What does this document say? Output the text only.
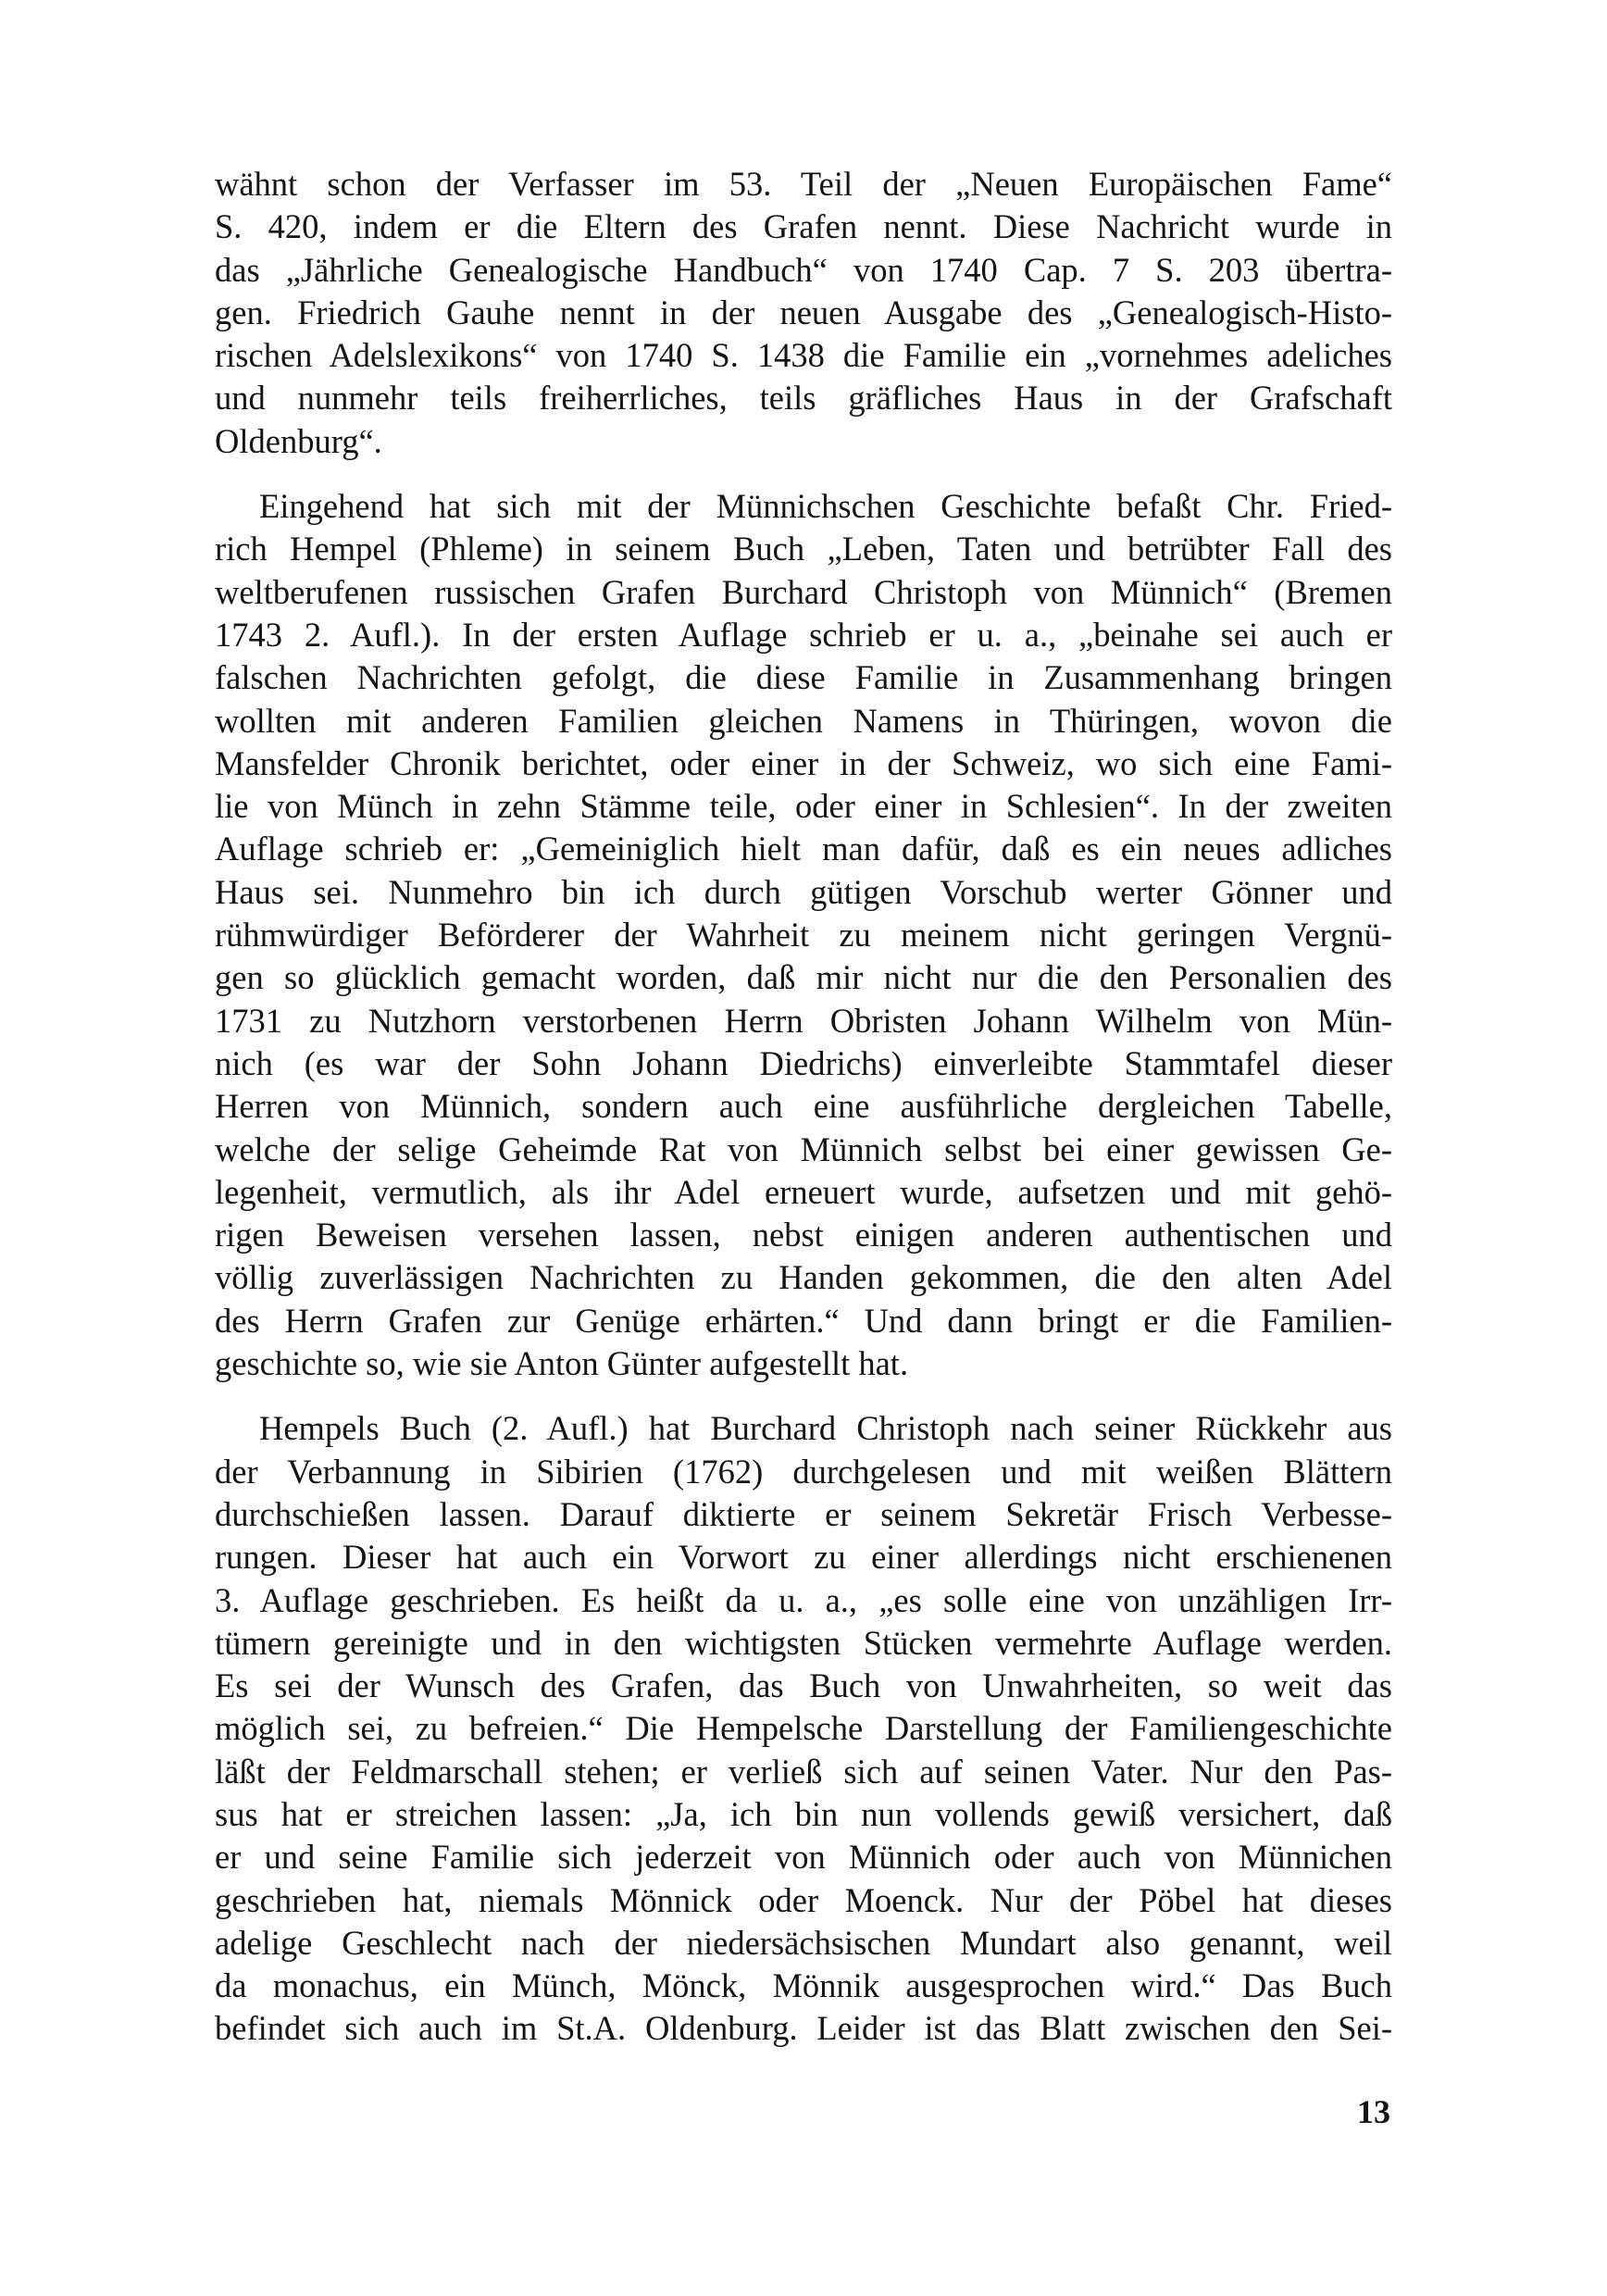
wähnt schon der Verfasser im 53. Teil der „Neuen Europäischen Fame“
S. 420, indem er die Eltern des Grafen nennt. Diese Nachricht wurde in
das „Jährliche Genealogische Handbuch“ von 1740 Cap. 7 S. 203 übertra-
gen. Friedrich Gauhe nennt in der neuen Ausgabe des „Genealogisch-Histo-
rischen Adelslexikons“ von 1740 S. 1438 die Familie ein „vornehmes adeliches
und nunmehr teils freiherrliches, teils gräfliches Haus in der Grafschaft
Oldenburg“.

Eingehend hat sich mit der Münnichschen Geschichte befaßt Chr. Fried-
rich Hempel (Phleme) in seinem Buch „Leben, Taten und betrübter Fall des
weltberufenen russischen Grafen Burchard Christoph von Münnich“ (Bremen
1743 2. Aufl.). In der ersten Auflage schrieb er u. a., „beinahe sei auch er
falschen Nachrichten gefolgt, die diese Familie in Zusammenhang bringen
wollten mit anderen Familien gleichen Namens in Thüringen, wovon die
Mansfelder Chronik berichtet, oder einer in der Schweiz, wo sich eine Fami-
lie von Münch in zehn Stämme teile, oder einer in Schlesien“. In der zweiten
Auflage schrieb er: „Gemeiniglich hielt man dafür, daß es ein neues adliches
Haus sei. Nunmehro bin ich durch gütigen Vorschub werter Gönner und
rühmwürdiger Beförderer der Wahrheit zu meinem nicht geringen Vergnü-
gen so glücklich gemacht worden, daß mir nicht nur die den Personalien des
1731 zu Nutzhorn verstorbenen Herrn Obristen Johann Wilhelm von Mün-
nich (es war der Sohn Johann Diedrichs) einverleibte Stammtafel dieser
Herren von Münnich, sondern auch eine ausführliche dergleichen Tabelle,
welche der selige Geheimde Rat von Münnich selbst bei einer gewissen Ge-
legenheit, vermutlich, als ihr Adel erneuert wurde, aufsetzen und mit gehö-
rigen Beweisen versehen lassen, nebst einigen anderen authentischen und
völlig zuverlässigen Nachrichten zu Handen gekommen, die den alten Adel
des Herrn Grafen zur Genüge erhärten.“ Und dann bringt er die Familien-
geschichte so, wie sie Anton Günter aufgestellt hat.

Hempels Buch (2. Aufl.) hat Burchard Christoph nach seiner Rückkehr aus
der Verbannung in Sibirien (1762) durchgelesen und mit weißen Blättern
durchschießen lassen. Darauf diktierte er seinem Sekretär Frisch Verbesse-
rungen. Dieser hat auch ein Vorwort zu einer allerdings nicht erschienenen
3. Auflage geschrieben. Es heißt da u. a., „es solle eine von unzähligen Irr-
tümern gereinigte und in den wichtigsten Stücken vermehrte Auflage werden.
Es sei der Wunsch des Grafen, das Buch von Unwahrheiten, so weit das
möglich sei, zu befreien.“ Die Hempelsche Darstellung der Familiengeschichte
läßt der Feldmarschall stehen; er verließ sich auf seinen Vater. Nur den Pas-
sus hat er streichen lassen: „Ja, ich bin nun vollends gewiß versichert, daß
er und seine Familie sich jederzeit von Münnich oder auch von Münnichen
geschrieben hat, niemals Mönnick oder Moenck. Nur der Pöbel hat dieses
adelige Geschlecht nach der niedersächsischen Mundart also genannt, weil
da monachus, ein Münch, Mönck, Mönnik ausgesprochen wird.“ Das Buch
befindet sich auch im St.A. Oldenburg. Leider ist das Blatt zwischen den Sei-

13
